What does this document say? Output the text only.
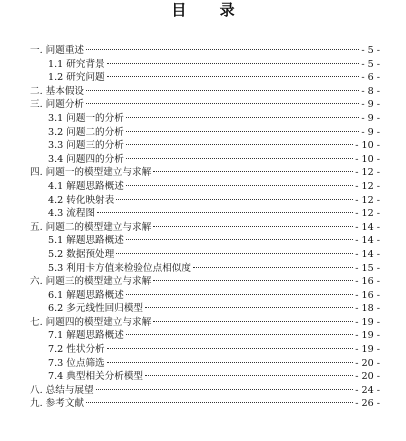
目 录
一. 问题重述	- 5 -
1.1 研究背景	- 5 -
1.2 研究问题	- 6 -
二. 基本假设	- 8 -
三. 问题分析	- 9 -
3.1 问题一的分析	- 9 -
3.2 问题二的分析	- 9 -
3.3 问题三的分析	- 10 -
3.4 问题四的分析	- 10 -
四. 问题一的模型建立与求解	- 12 -
4.1 解题思路概述	- 12 -
4.2 转化映射表	- 12 -
4.3 流程图	- 12 -
五. 问题二的模型建立与求解	- 14 -
5.1 解题思路概述	- 14 -
5.2 数据预处理	- 14 -
5.3 利用卡方值来检验位点相似度	- 15 -
六. 问题三的模型建立与求解	- 16 -
6.1 解题思路概述	- 16 -
6.2 多元线性回归模型	- 18 -
七. 问题四的模型建立与求解	- 19 -
7.1 解题思路概述	- 19 -
7.2 性状分析	- 19 -
7.3 位点筛选	- 20 -
7.4 典型相关分析模型	- 20 -
八. 总结与展望	- 24 -
九. 参考文献	- 26 -
